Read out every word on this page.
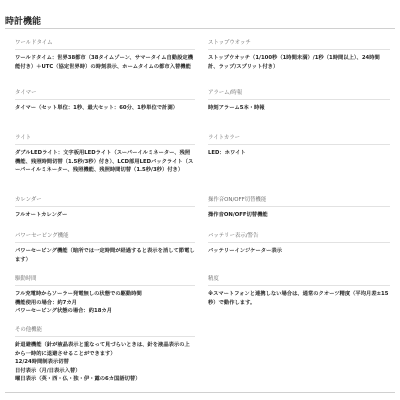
時計機能
ワールドタイム
ワールドタイム：世界38都市（38タイムゾーン、サマータイム自動設定機能付き）＋UTC（協定世界時）の時刻表示、ホームタイムの都市入替機能
タイマー
タイマー（セット単位：1秒、最大セット：60分、1秒単位で計測）
ライト
ダブルLEDライト：文字板用LEDライト（スーパーイルミネーター、残照機能、残照時間切替（1.5秒/3秒）付き）、LCD部用LEDバックライト（スーパーイルミネーター、残照機能、残照時間切替（1.5秒/3秒）付き）
カレンダー
フルオートカレンダー
パワーセービング機能
パワーセービング機能（暗所では一定時間が経過すると表示を消して節電します）
駆動時間
フル充電時からソーラー発電無しの状態での駆動時間
機能使用の場合：約7カ月
パワーセービング状態の場合：約18カ月
その他機能
針退避機能（針が液晶表示と重なって見づらいときは、針を液晶表示の上から一時的に退避させることができます）
12/24時間制表示切替
日付表示（月/日表示入替）
曜日表示（英・西・仏・独・伊・露の6カ国語切替）
ストップウオッチ
ストップウオッチ（1/100秒（1時間未満）/1秒（1時間以上）、24時間計、ラップ/スプリット付き）
アラーム/時報
時刻アラーム5本・時報
ライトカラー
LED：ホワイト
操作音ON/OFF切替機能
操作音ON/OFF切替機能
バッテリー表示/警告
バッテリーインジケーター表示
精度
※スマートフォンと連携しない場合は、通常のクオーツ精度（平均月差±15秒）で動作します。
